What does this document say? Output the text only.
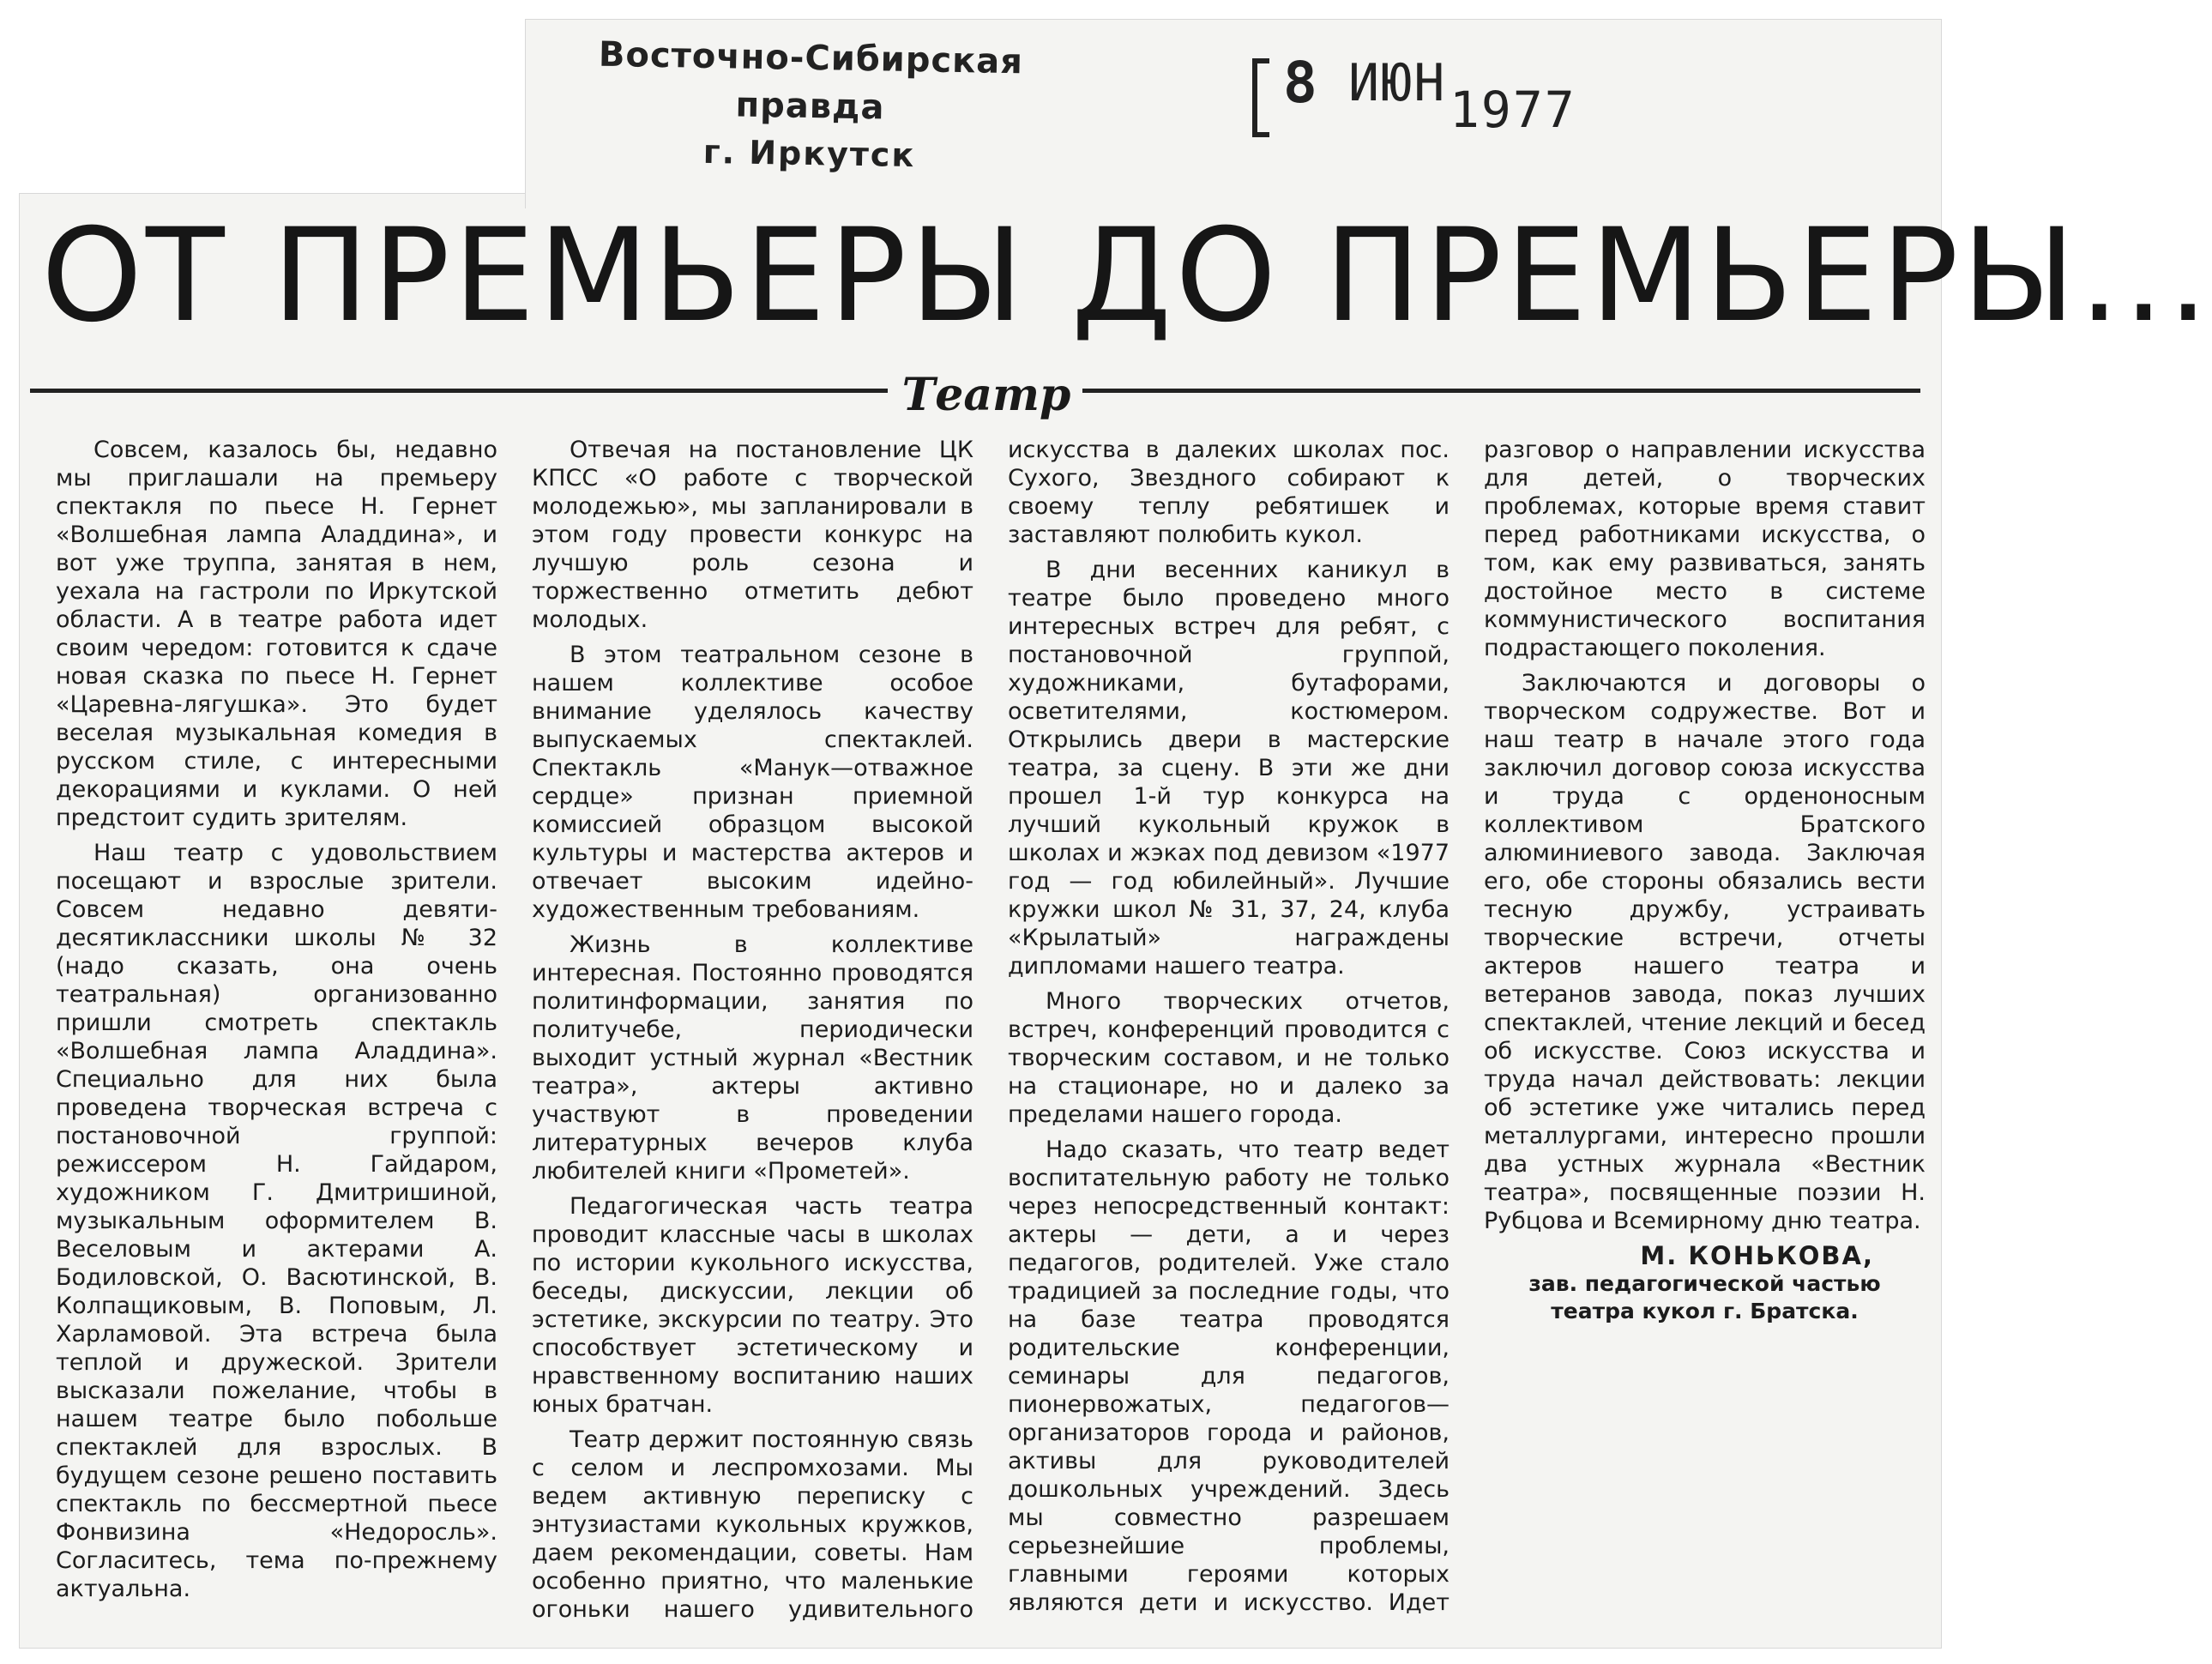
Восточно-Сибирская правда
г. Иркутск
8 ИЮН 1977
ОТ ПРЕМЬЕРЫ ДО ПРЕМЬЕРЫ...
Театр

Совсем, казалось бы, недавно мы приглашали на премьеру спектакля по пьесе Н. Гернет «Волшебная лампа Аладдина», и вот уже труппа, занятая в нем, уехала на гастроли по Иркутской области. А в театре работа идет своим чередом: готовится к сдаче новая сказка по пьесе Н. Гернет «Царевна-лягушка». Это будет веселая музыкальная комедия в русском стиле, с интересными декорациями и куклами. О ней предстоит судить зрителям.

Наш театр с удовольствием посещают и взрослые зрители. Совсем недавно девяти-десятиклассники школы № 32 (надо сказать, она очень театральная) организованно пришли смотреть спектакль «Волшебная лампа Аладдина». Специально для них была проведена творческая встреча с постановочной группой: режиссером Н. Гайдаром, художником Г. Дмитришиной, музыкальным оформителем В. Веселовым и актерами А. Бодиловской, О. Васютинской, В. Колпащиковым, В. Поповым, Л. Харламовой. Эта встреча была теплой и дружеской. Зрители высказали пожелание, чтобы в нашем театре было побольше спектаклей для взрослых. В будущем сезоне решено поставить спектакль по бессмертной пьесе Фонвизина «Недоросль». Согласитесь, тема по-прежнему актуальна.

Отвечая на постановление ЦК КПСС «О работе с творческой молодежью», мы запланировали в этом году провести конкурс на лучшую роль сезона и торжественно отметить дебют молодых.

В этом театральном сезоне в нашем коллективе особое внимание уделялось качеству выпускаемых спектаклей. Спектакль «Манук—отважное сердце» признан приемной комиссией образцом высокой культуры и мастерства актеров и отвечает высоким идейно-художественным требованиям.

Жизнь в коллективе интересная. Постоянно проводятся политинформации, занятия по политучебе, периодически выходит устный журнал «Вестник театра», актеры активно участвуют в проведении литературных вечеров клуба любителей книги «Прометей».

Педагогическая часть театра проводит классные часы в школах по истории кукольного искусства, беседы, дискуссии, лекции об эстетике, экскурсии по театру. Это способствует эстетическому и нравственному воспитанию наших юных братчан.

Театр держит постоянную связь с селом и леспромхозами. Мы ведем активную переписку с энтузиастами кукольных кружков, даем рекомендации, советы. Нам особенно приятно, что маленькие огоньки нашего удивительного искусства в далеких школах пос. Сухого, Звездного собирают к своему теплу ребятишек и заставляют полюбить кукол.

В дни весенних каникул в театре было проведено много интересных встреч для ребят, с постановочной группой, художниками, бутафорами, осветителями, костюмером. Открылись двери в мастерские театра, за сцену. В эти же дни прошел 1-й тур конкурса на лучший кукольный кружок в школах и жэках под девизом «1977 год — год юбилейный». Лучшие кружки школ № 31, 37, 24, клуба «Крылатый» награждены дипломами нашего театра.

Много творческих отчетов, встреч, конференций проводится с творческим составом, и не только на стационаре, но и далеко за пределами нашего города.

Надо сказать, что театр ведет воспитательную работу не только через непосредственный контакт: актеры — дети, а и через педагогов, родителей. Уже стало традицией за последние годы, что на базе театра проводятся родительские конференции, семинары для педагогов, пионервожатых, педагогов—организаторов города и районов, активы для руководителей дошкольных учреждений. Здесь мы совместно разрешаем серьезнейшие проблемы, главными героями которых являются дети и искусство. Идет разговор о направлении искусства для детей, о творческих проблемах, которые время ставит перед работниками искусства, о том, как ему развиваться, занять достойное место в системе коммунистического воспитания подрастающего поколения.

Заключаются и договоры о творческом содружестве. Вот и наш театр в начале этого года заключил договор союза искусства и труда с орденоносным коллективом Братского алюминиевого завода. Заключая его, обе стороны обязались вести тесную дружбу, устраивать творческие встречи, отчеты актеров нашего театра и ветеранов завода, показ лучших спектаклей, чтение лекций и бесед об искусстве. Союз искусства и труда начал действовать: лекции об эстетике уже читались перед металлургами, интересно прошли два устных журнала «Вестник театра», посвященные поэзии Н. Рубцова и Всемирному дню театра.

М. КОНЬКОВА,
зав. педагогической частью
театра кукол г. Братска.
